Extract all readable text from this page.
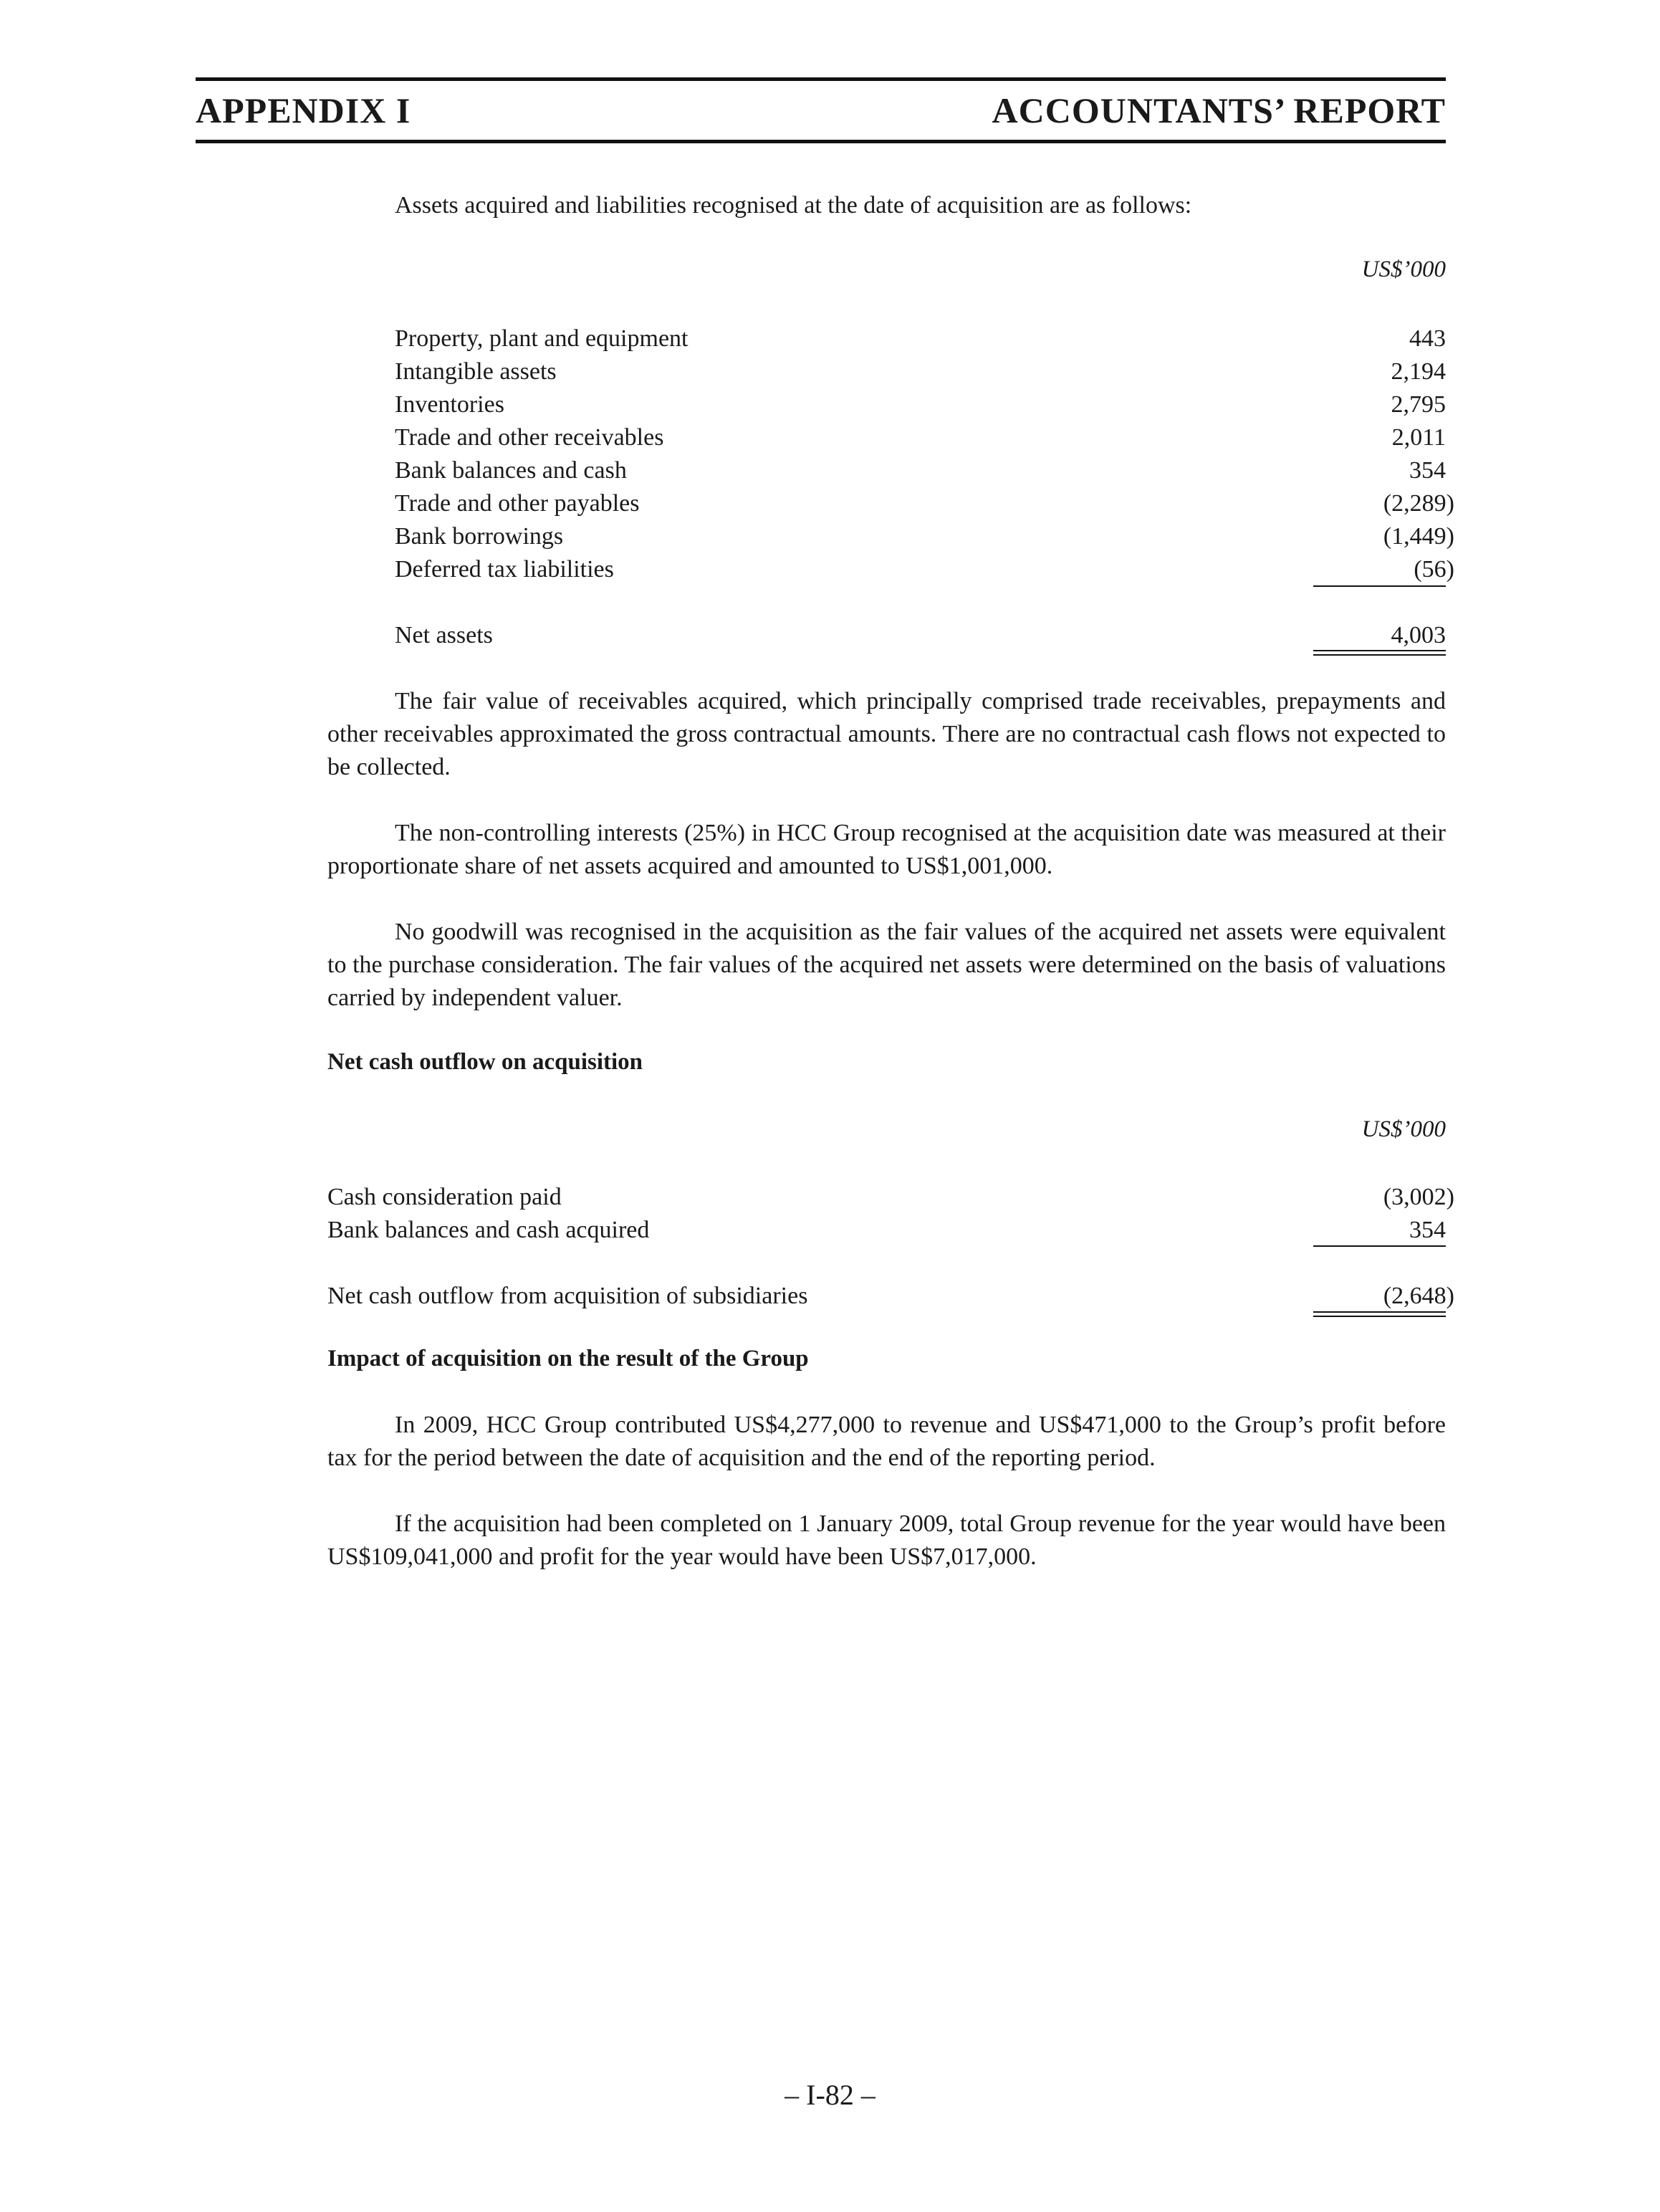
APPENDIX I	ACCOUNTANTS’ REPORT
Assets acquired and liabilities recognised at the date of acquisition are as follows:
US$’000
Property, plant and equipment	443
Intangible assets	2,194
Inventories	2,795
Trade and other receivables	2,011
Bank balances and cash	354
Trade and other payables	(2,289)
Bank borrowings	(1,449)
Deferred tax liabilities	(56)
Net assets	4,003

The fair value of receivables acquired, which principally comprised trade receivables, prepayments and other receivables approximated the gross contractual amounts. There are no contractual cash flows not expected to be collected.

The non-controlling interests (25%) in HCC Group recognised at the acquisition date was measured at their proportionate share of net assets acquired and amounted to US$1,001,000.

No goodwill was recognised in the acquisition as the fair values of the acquired net assets were equivalent to the purchase consideration. The fair values of the acquired net assets were determined on the basis of valuations carried by independent valuer.

Net cash outflow on acquisition
US$’000
Cash consideration paid	(3,002)
Bank balances and cash acquired	354
Net cash outflow from acquisition of subsidiaries	(2,648)
Impact of acquisition on the result of the Group

In 2009, HCC Group contributed US$4,277,000 to revenue and US$471,000 to the Group’s profit before tax for the period between the date of acquisition and the end of the reporting period.

If the acquisition had been completed on 1 January 2009, total Group revenue for the year would have been US$109,041,000 and profit for the year would have been US$7,017,000.

– I-82 –
